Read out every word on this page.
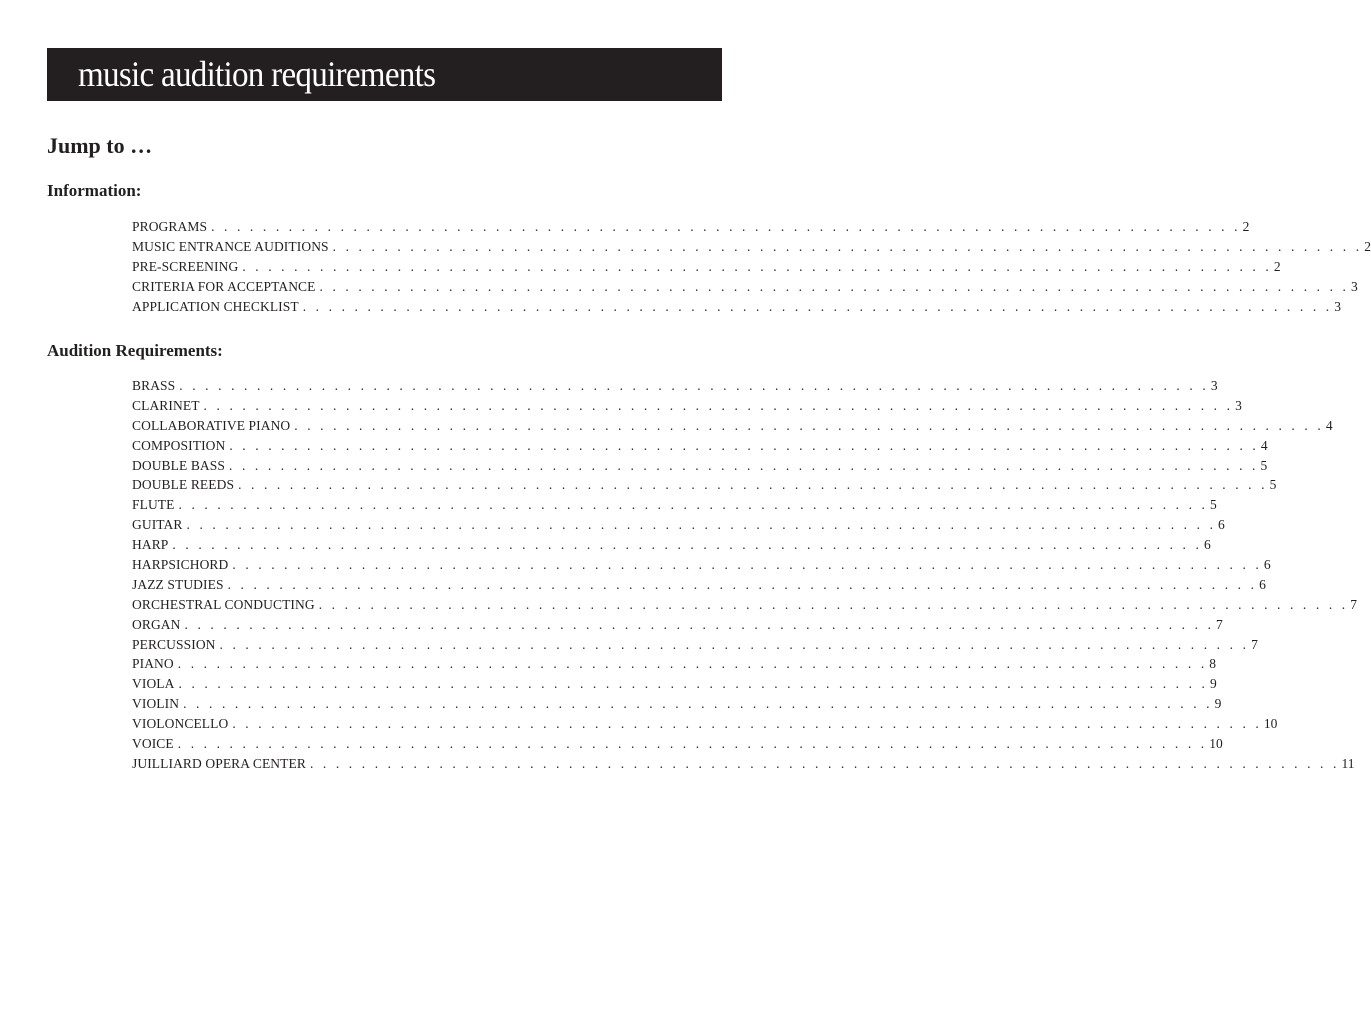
music audition requirements
Jump to …
Information:
PROGRAMS . . . . . . . . . . . . . . . . . . . . . . . . . . . . . . . . . . . . . . . . . . . . . . . . . . . . . . . . . . . . . . . . . . . . . . . . . . . . . . . . 2
MUSIC ENTRANCE AUDITIONS . . . . . . . . . . . . . . . . . . . . . . . . . . . . . . . . . . . . . . . . . . . . . . . . . . . . . . . . . . . . . . . . . . . . . . . . . . . . . . . . 2
PRE-SCREENING . . . . . . . . . . . . . . . . . . . . . . . . . . . . . . . . . . . . . . . . . . . . . . . . . . . . . . . . . . . . . . . . . . . . . . . . . . . . . . . . 2
CRITERIA FOR ACCEPTANCE . . . . . . . . . . . . . . . . . . . . . . . . . . . . . . . . . . . . . . . . . . . . . . . . . . . . . . . . . . . . . . . . . . . . . . . . . . . . . . . . 3
APPLICATION CHECKLIST . . . . . . . . . . . . . . . . . . . . . . . . . . . . . . . . . . . . . . . . . . . . . . . . . . . . . . . . . . . . . . . . . . . . . . . . . . . . . . . . 3
Audition Requirements:
BRASS . . . . . . . . . . . . . . . . . . . . . . . . . . . . . . . . . . . . . . . . . . . . . . . . . . . . . . . . . . . . . . . . . . . . . . . . . . . . . . . . 3
CLARINET . . . . . . . . . . . . . . . . . . . . . . . . . . . . . . . . . . . . . . . . . . . . . . . . . . . . . . . . . . . . . . . . . . . . . . . . . . . . . . . . 3
COLLABORATIVE PIANO . . . . . . . . . . . . . . . . . . . . . . . . . . . . . . . . . . . . . . . . . . . . . . . . . . . . . . . . . . . . . . . . . . . . . . . . . . . . . . . . 4
COMPOSITION . . . . . . . . . . . . . . . . . . . . . . . . . . . . . . . . . . . . . . . . . . . . . . . . . . . . . . . . . . . . . . . . . . . . . . . . . . . . . . . . 4
DOUBLE BASS . . . . . . . . . . . . . . . . . . . . . . . . . . . . . . . . . . . . . . . . . . . . . . . . . . . . . . . . . . . . . . . . . . . . . . . . . . . . . . . . 5
DOUBLE REEDS . . . . . . . . . . . . . . . . . . . . . . . . . . . . . . . . . . . . . . . . . . . . . . . . . . . . . . . . . . . . . . . . . . . . . . . . . . . . . . . . 5
FLUTE . . . . . . . . . . . . . . . . . . . . . . . . . . . . . . . . . . . . . . . . . . . . . . . . . . . . . . . . . . . . . . . . . . . . . . . . . . . . . . . . 5
GUITAR . . . . . . . . . . . . . . . . . . . . . . . . . . . . . . . . . . . . . . . . . . . . . . . . . . . . . . . . . . . . . . . . . . . . . . . . . . . . . . . . 6
HARP . . . . . . . . . . . . . . . . . . . . . . . . . . . . . . . . . . . . . . . . . . . . . . . . . . . . . . . . . . . . . . . . . . . . . . . . . . . . . . . . 6
HARPSICHORD . . . . . . . . . . . . . . . . . . . . . . . . . . . . . . . . . . . . . . . . . . . . . . . . . . . . . . . . . . . . . . . . . . . . . . . . . . . . . . . . 6
JAZZ STUDIES . . . . . . . . . . . . . . . . . . . . . . . . . . . . . . . . . . . . . . . . . . . . . . . . . . . . . . . . . . . . . . . . . . . . . . . . . . . . . . . . 6
ORCHESTRAL CONDUCTING . . . . . . . . . . . . . . . . . . . . . . . . . . . . . . . . . . . . . . . . . . . . . . . . . . . . . . . . . . . . . . . . . . . . . . . . . . . . . . . . 7
ORGAN . . . . . . . . . . . . . . . . . . . . . . . . . . . . . . . . . . . . . . . . . . . . . . . . . . . . . . . . . . . . . . . . . . . . . . . . . . . . . . . . 7
PERCUSSION . . . . . . . . . . . . . . . . . . . . . . . . . . . . . . . . . . . . . . . . . . . . . . . . . . . . . . . . . . . . . . . . . . . . . . . . . . . . . . . . 7
PIANO . . . . . . . . . . . . . . . . . . . . . . . . . . . . . . . . . . . . . . . . . . . . . . . . . . . . . . . . . . . . . . . . . . . . . . . . . . . . . . . . 8
VIOLA . . . . . . . . . . . . . . . . . . . . . . . . . . . . . . . . . . . . . . . . . . . . . . . . . . . . . . . . . . . . . . . . . . . . . . . . . . . . . . . . 9
VIOLIN . . . . . . . . . . . . . . . . . . . . . . . . . . . . . . . . . . . . . . . . . . . . . . . . . . . . . . . . . . . . . . . . . . . . . . . . . . . . . . . . 9
VIOLONCELLO . . . . . . . . . . . . . . . . . . . . . . . . . . . . . . . . . . . . . . . . . . . . . . . . . . . . . . . . . . . . . . . . . . . . . . . . . . . . . . . . 10
VOICE . . . . . . . . . . . . . . . . . . . . . . . . . . . . . . . . . . . . . . . . . . . . . . . . . . . . . . . . . . . . . . . . . . . . . . . . . . . . . . . . 10
JUILLIARD OPERA CENTER . . . . . . . . . . . . . . . . . . . . . . . . . . . . . . . . . . . . . . . . . . . . . . . . . . . . . . . . . . . . . . . . . . . . . . . . . . . . . . . . 11
